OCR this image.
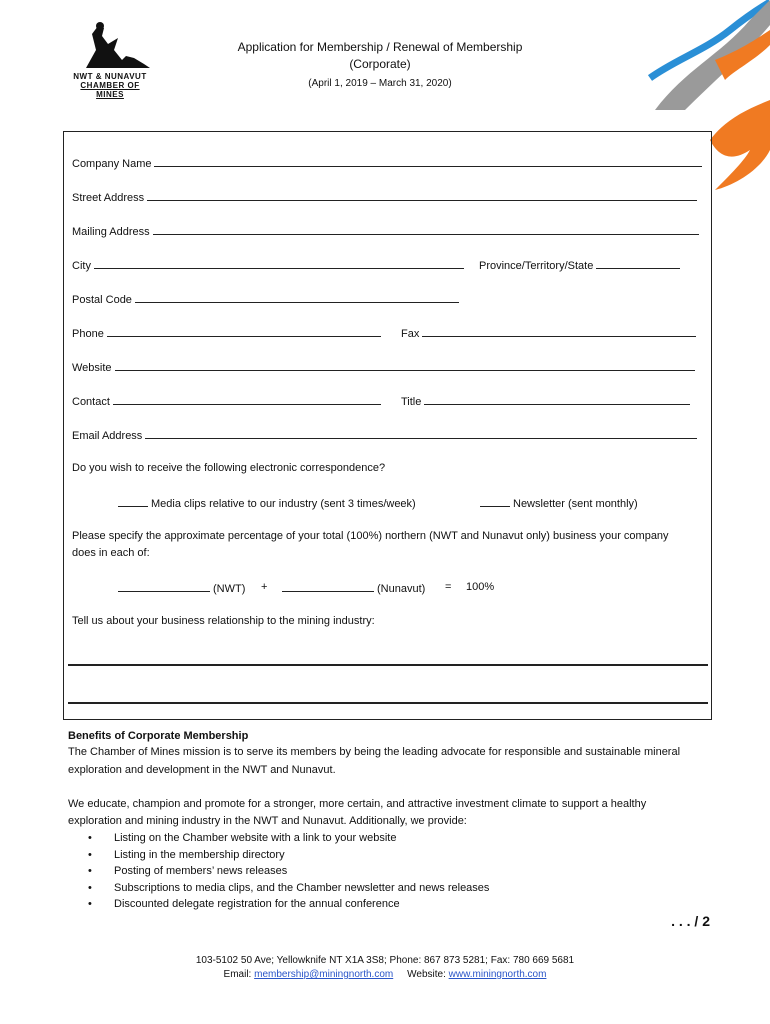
NWT & NUNAVUT
CHAMBER OF MINES
Application for Membership / Renewal of Membership
(Corporate)
(April 1, 2019 – March 31, 2020)
Company Name
Street Address
Mailing Address
City	Province/Territory/State
Postal Code
Phone	Fax
Website
Contact	Title
Email Address
Do you wish to receive the following electronic correspondence?
Media clips relative to our industry (sent 3 times/week)	Newsletter (sent monthly)
Please specify the approximate percentage of your total (100%) northern (NWT and Nunavut only) business your company
does in each of:
(NWT) +	(Nunavut) = 100%
Tell us about your business relationship to the mining industry:
Benefits of Corporate Membership
The Chamber of Mines mission is to serve its members by being the leading advocate for responsible and sustainable mineral
exploration and development in the NWT and Nunavut.
We educate, champion and promote for a stronger, more certain, and attractive investment climate to support a healthy
exploration and mining industry in the NWT and Nunavut. Additionally, we provide:
• Listing on the Chamber website with a link to your website
• Listing in the membership directory
• Posting of members’ news releases
• Subscriptions to media clips, and the Chamber newsletter and news releases
• Discounted delegate registration for the annual conference
. . . / 2
103-5102 50 Ave; Yellowknife NT X1A 3S8; Phone: 867 873 5281; Fax: 780 669 5681
Email: membership@miningnorth.com Website: www.miningnorth.com
